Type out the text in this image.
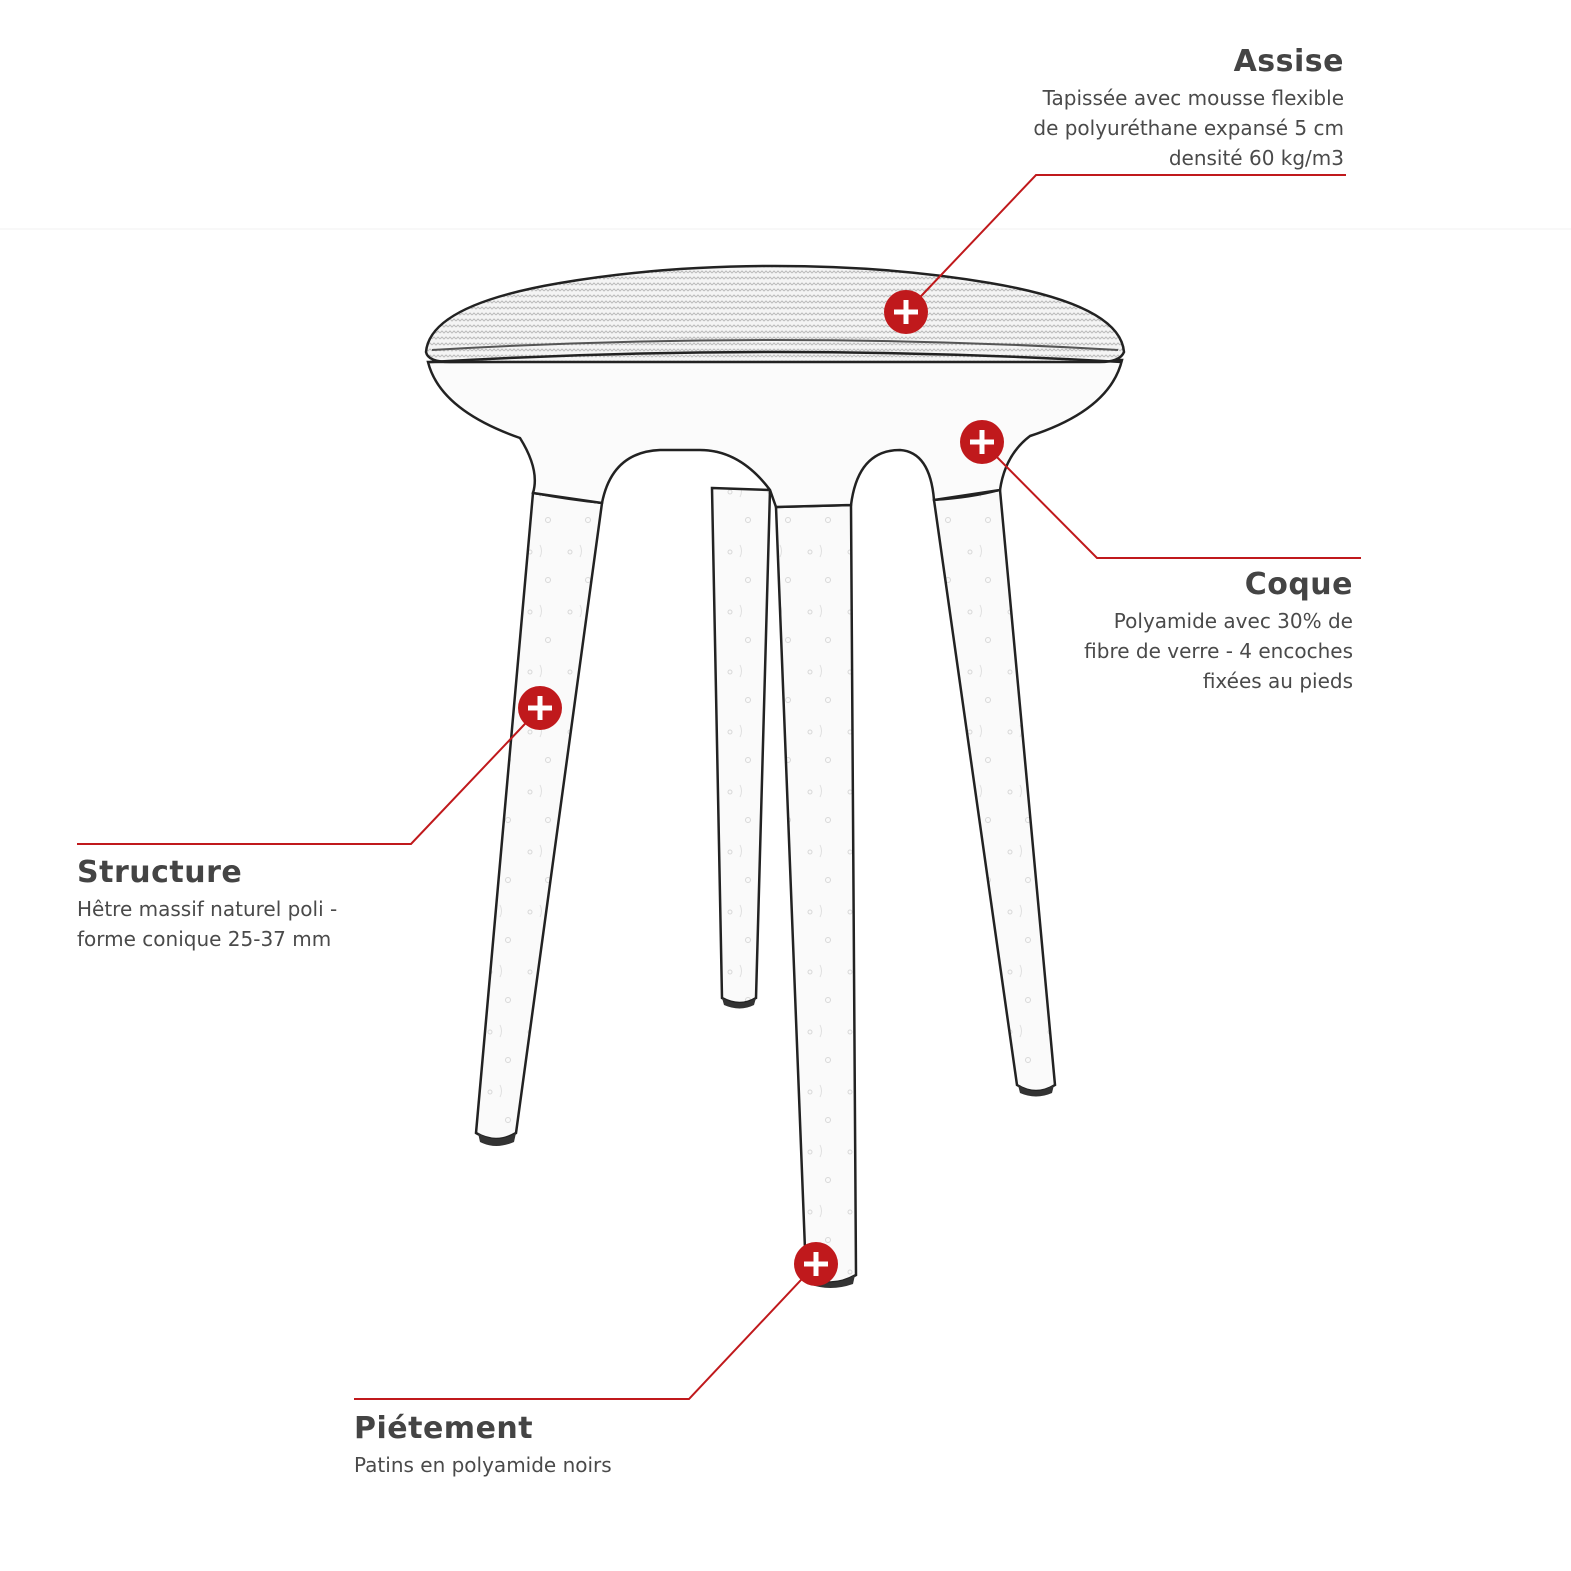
Assise

Tapissée avec mousse flexible

de polyuréthane expansé 5 cm

densité 60 kg/m3

Coque

Polyamide avec 30% de

fibre de verre - 4 encoches

fixées au pieds

Structure

Hêtre massif naturel poli -

forme conique 25-37 mm

Piétement

Patins en polyamide noirs
